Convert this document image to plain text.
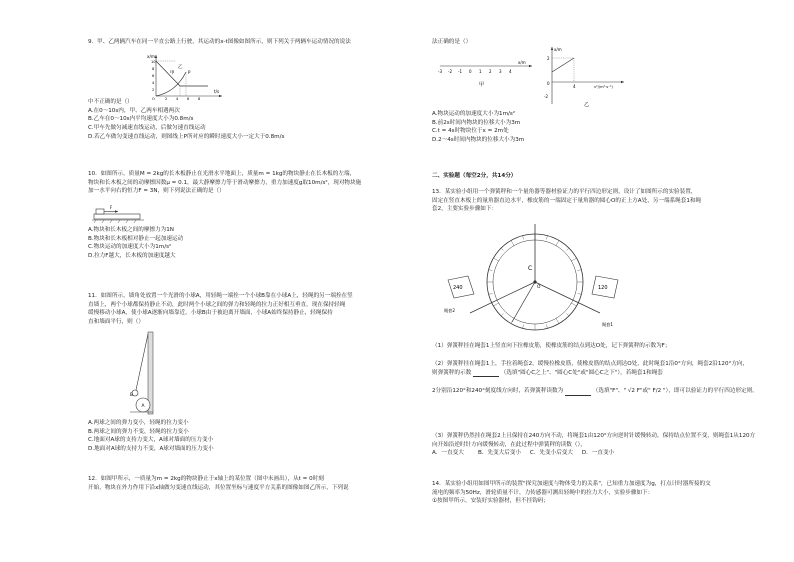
9．甲、乙两辆汽车在同一平直公路上行驶，其运动的x-t图像如图所示，则下列关于两辆车运动情况的说法
x/m
t/s
甲
乙
P
10
8
6
4
2
O	2 4 6 8
中不正确的是（）
A.在0～10s内，甲、乙两车相遇两次
B.乙车在0～10s内平均速度大小为0.8m/s
C.甲车先做匀减速直线运动，后做匀速直线运动
D.若乙车做匀变速直线运动，则图线上P所对应的瞬时速度大小一定大于0.8m/s
10．如图所示，质量M = 2kg的长木板静止在光滑水平地面上，质量m = 1kg的物块静止在长木板的左端，
物块和长木板之间的动摩擦因数μ = 0.1，最大静摩擦力等于滑动摩擦力，重力加速度g取10m/s²，现对物块施
加一水平向右的恒力F = 3N，则下列说法正确的是（）
F
A.物块和长木板之间的摩擦力为1N
B.物块和长木板相对静止一起加速运动
C.物块运动的加速度大小为1m/s²
D.拉力F越大，长木板的加速度越大
11．如图所示，墙角处放置一个光滑的小球A，用轻绳一端拴一个小球B靠在小球A上，轻绳的另一端拴在竖
直墙上，两个小球都保持静止不动，此时两个小球之间的弹力和轻绳的拉力正好相互垂直，现在保持轻绳
缓慢移动小球A，使小球A逐渐向墙靠近，小球B由于被迫离开墙面，小球A始终保持静止，轻绳保持
直和墙面平行，则（）
B
A
A.两球之间的弹力变小，轻绳的拉力变小
B.两球之间的弹力不变，轻绳的拉力变小
C.地面对A球的支持力变大，A球对墙面的压力变小
D.地面对A球的支持力不变，A球对墙面的压力变小
12．如图甲所示，一质量为m = 2kg的物块静止于x轴上的某位置（图中未画出），从t = 0时刻
开始，物块在外力作用下沿x轴做匀变速直线运动，其位置坐标与速度平方关系的图像如图乙所示，下列说
法正确的是（）
-3 -2 -1 0 1 2 3 4
x/m
甲
x/m
2
0
-2
4	v²/(m²·s⁻²)
乙
A.物块运动的加速度大小为1m/s²
B.前2s时间内物块的位移大小为3m
C.t = 4s时物块位于x = 2m处
D.2～4s时间内物块的位移大小为3m
二、实验题（每空2分，共14分）
13．某实验小组用一个弹簧秤和一个量角器等器材验证力的平行四边形定则，设计了如图所示的实验装置，
固定在竖直木板上的量角器直边水平，橡皮筋的一端固定于量角器的圆心O的正上方A处，另一端系绳套1和绳
套2，主要实验步骤如下：
C
O
240	120
绳套2
绳套1
（1）弹簧秤挂在绳套1上竖直向下拉橡皮筋，使橡皮筋的结点到达O处，记下弹簧秤的示数为F；
（2）弹簧秤挂在绳套1上，手拉着绳套2，缓慢拉橡皮筋，使橡皮筋的结点到达O处，此时绳套1沿0°方向，绳套2沿120°方向，
则弹簧秤的示数	（选填"圆心C之上"、"圆心C处"或"圆心C之下"），若绳套1和绳套
2分别沿120°和240°刻度线方向时，若弹簧秤读数为	（选填"F"、" √2 F"或" F/2 "），即可以验证力的平行四边形定则。
（3）弹簧秤仍然挂在绳套2上且保持在240方向不动，将绳套1由120°方向逆时针缓慢转动，保持结点位置不变，则绳套1从120方
向开始沿逆时针方向缓慢转动，在此过程中弹簧秤的读数（），
A．一直变大	B．先变大后变小 C．先变小后变大 D．一直变小
14．某实验小组用如图甲所示的装置"探究加速度与物体受力的关系"，已知重力加速度为g，打点计时器所接的交
流电的频率为50Hz，滑轮质量不计，力传感器可测出轻绳中的拉力大小，实验步骤如下：
①按图甲所示，安装好实验器材，但不挂钩码；
